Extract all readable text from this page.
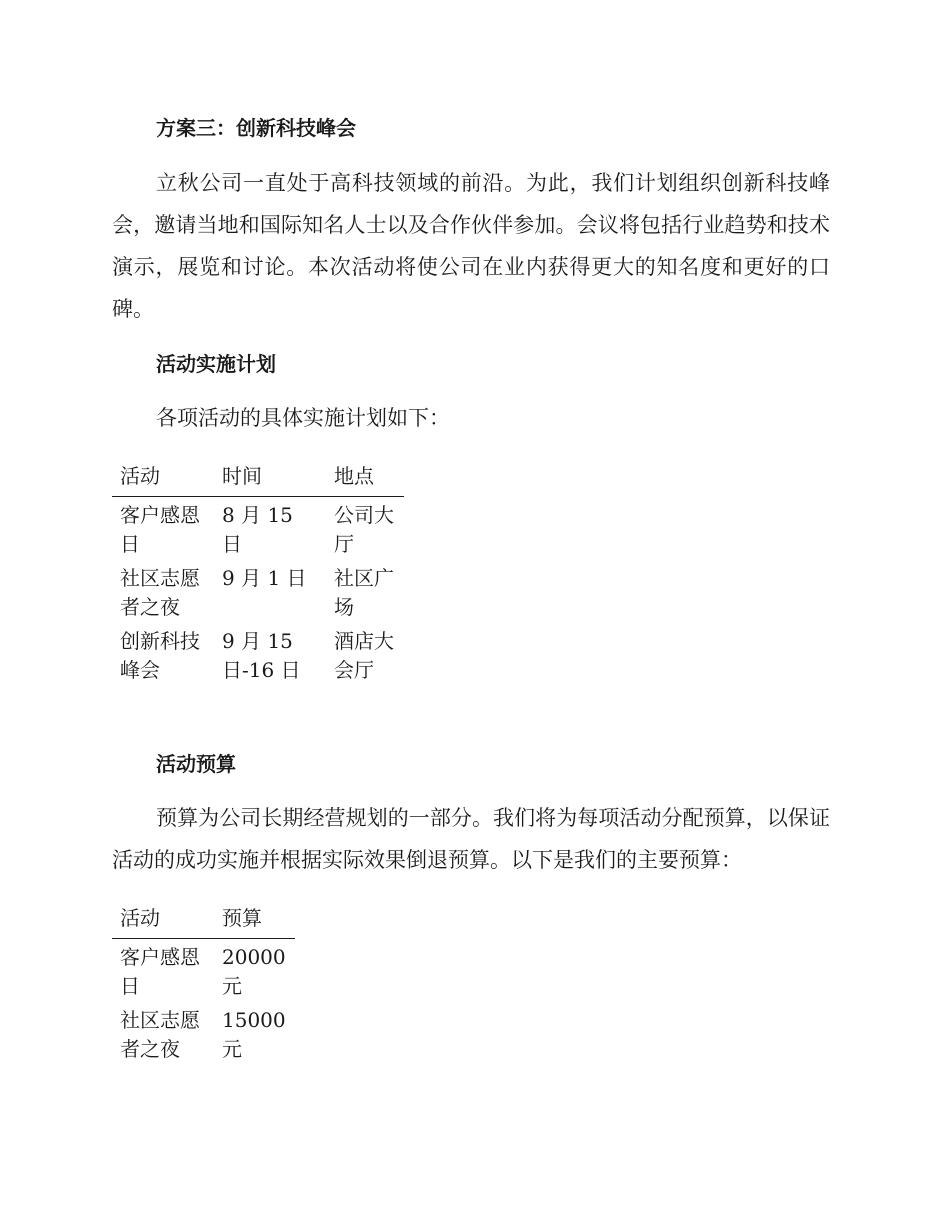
方案三：创新科技峰会

立秋公司一直处于高科技领域的前沿。为此，我们计划组织创新科技峰会，邀请当地和国际知名人士以及合作伙伴参加。会议将包括行业趋势和技术演示，展览和讨论。本次活动将使公司在业内获得更大的知名度和更好的口碑。

活动实施计划

各项活动的具体实施计划如下：

活动	时间	地点
客户感恩日	8 月 15 日	公司大厅
社区志愿者之夜	9 月 1 日	社区广场
创新科技峰会	9 月 15 日-16 日	酒店大会厅
活动预算

预算为公司长期经营规划的一部分。我们将为每项活动分配预算，以保证活动的成功实施并根据实际效果倒退预算。以下是我们的主要预算：

活动	预算
客户感恩日	20000 元
社区志愿者之夜	15000 元
